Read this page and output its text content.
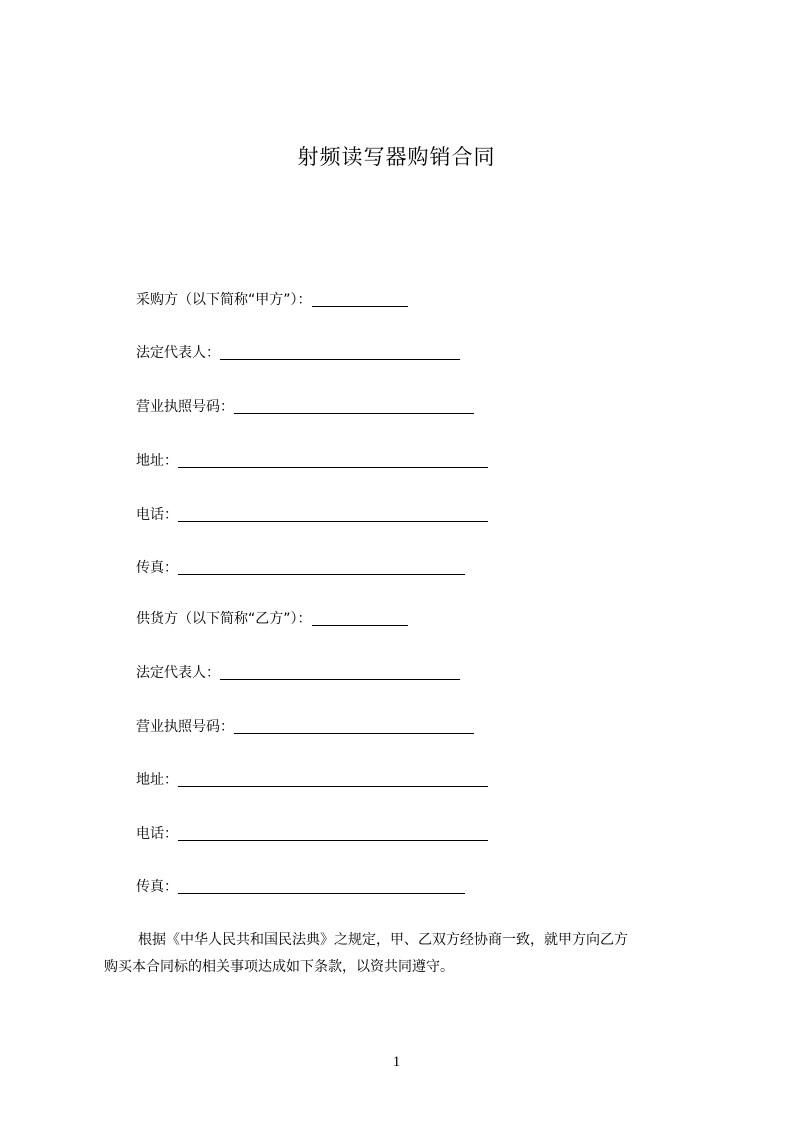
射频读写器购销合同
采购方（以下简称“甲方”）：
法定代表人：
营业执照号码：
地址：
电话：
传真：
供货方（以下简称“乙方”）：
法定代表人：
营业执照号码：
地址：
电话：
传真：
根据《中华人民共和国民法典》之规定，甲、乙双方经协商一致，就甲方向乙方
购买本合同标的相关事项达成如下条款，以资共同遵守。
1
